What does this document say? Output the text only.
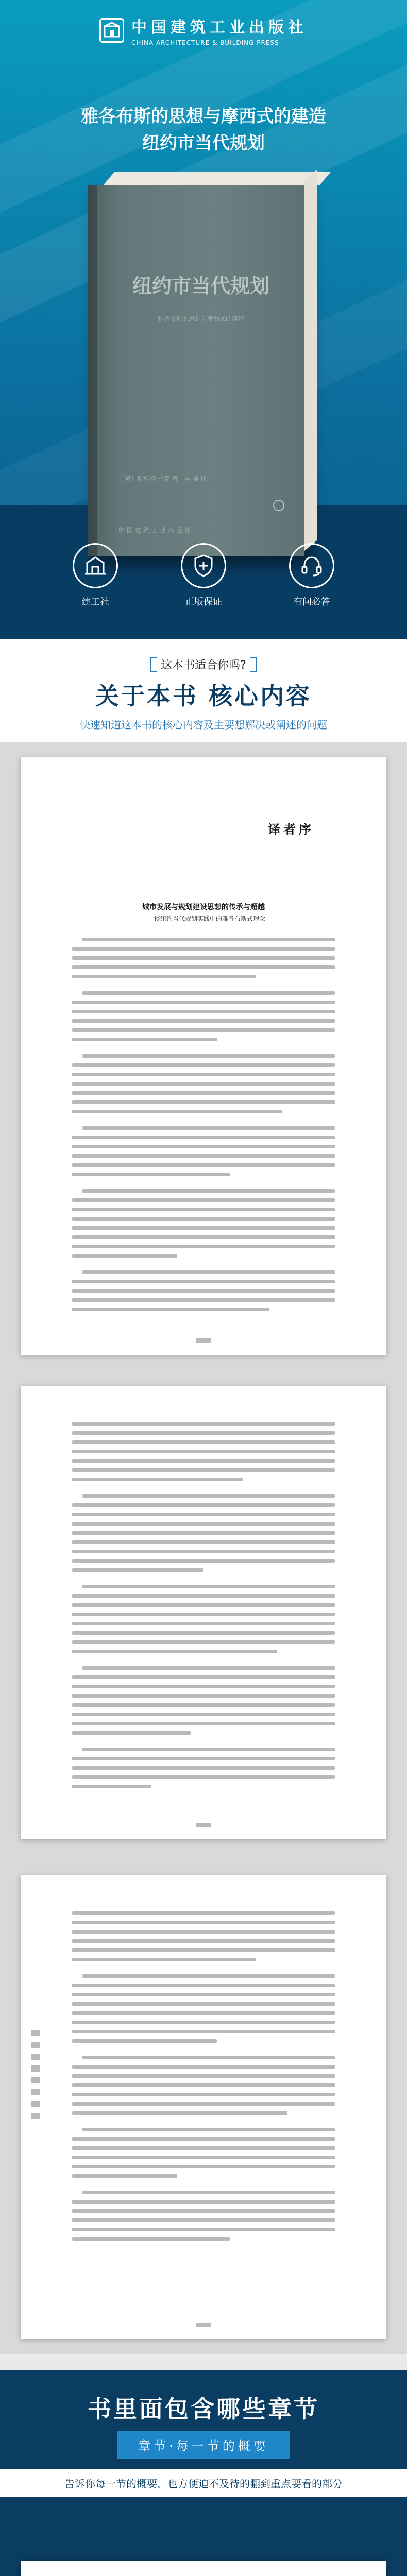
中国建筑工业出版社
CHINA ARCHITECTURE & BUILDING PRESS
雅各布斯的思想与摩西式的建造
纽约市当代规划
纽约市当代规划
雅各布斯的思想与摩西式的建造
［美］斯科特·拉森 著　马 峰 译
中国建筑工业出版社
建工社	正版保证	有问必答
这本书适合你吗?
关于本书 核心内容
快速知道这本书的核心内容及主要想解决或阐述的问题
译者序
城市发展与规划建设思想的传承与超越
——谈纽约当代规划实践中的雅各布斯式理念
书里面包含哪些章节
章节·每一节的概要
告诉你每一节的概要，也方便迫不及待的翻到重点要看的部分
